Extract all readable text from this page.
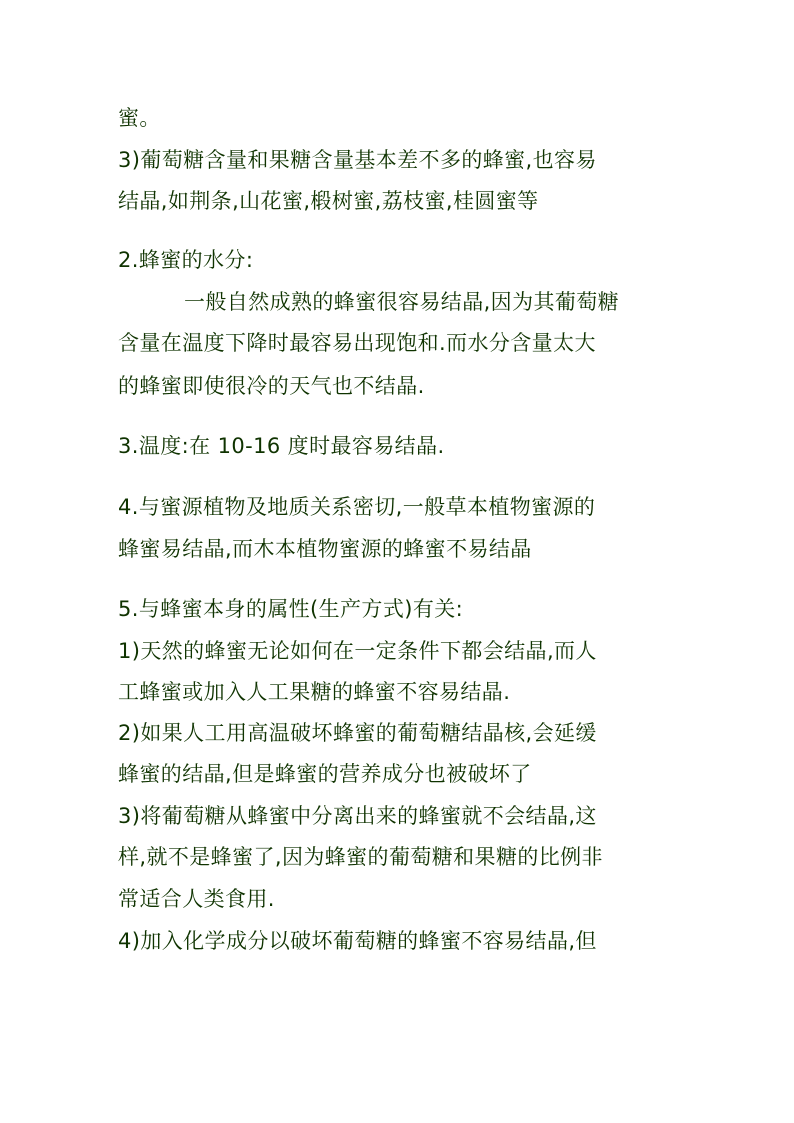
蜜。
3)葡萄糖含量和果糖含量基本差不多的蜂蜜,也容易
结晶,如荆条,山花蜜,椴树蜜,荔枝蜜,桂圆蜜等
2.蜂蜜的水分:
一般自然成熟的蜂蜜很容易结晶,因为其葡萄糖
含量在温度下降时最容易出现饱和.而水分含量太大
的蜂蜜即使很冷的天气也不结晶.
3.温度:在 10-16 度时最容易结晶.
4.与蜜源植物及地质关系密切,一般草本植物蜜源的
蜂蜜易结晶,而木本植物蜜源的蜂蜜不易结晶
5.与蜂蜜本身的属性(生产方式)有关:
1)天然的蜂蜜无论如何在一定条件下都会结晶,而人
工蜂蜜或加入人工果糖的蜂蜜不容易结晶.
2)如果人工用高温破坏蜂蜜的葡萄糖结晶核,会延缓
蜂蜜的结晶,但是蜂蜜的营养成分也被破坏了
3)将葡萄糖从蜂蜜中分离出来的蜂蜜就不会结晶,这
样,就不是蜂蜜了,因为蜂蜜的葡萄糖和果糖的比例非
常适合人类食用.
4)加入化学成分以破坏葡萄糖的蜂蜜不容易结晶,但
